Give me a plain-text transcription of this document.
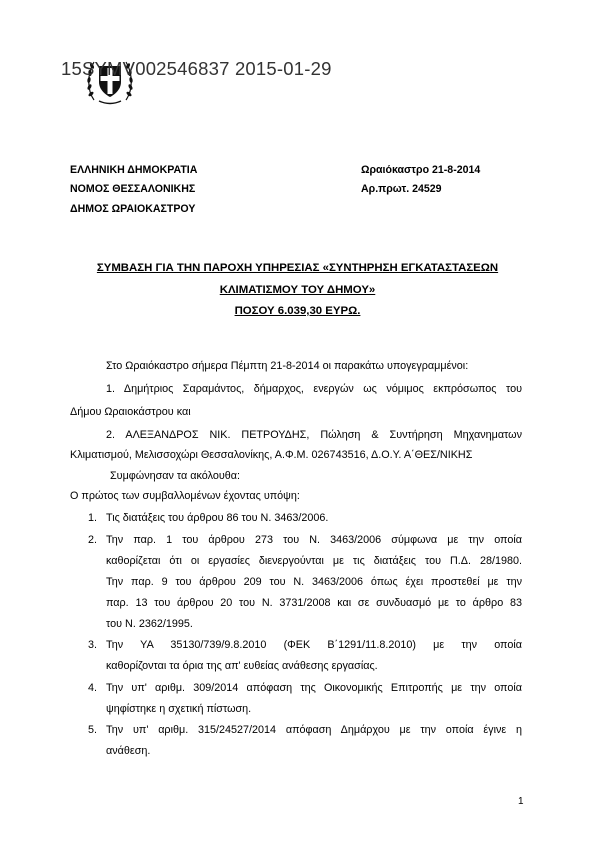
15SYMV002546837 2015-01-29
ΕΛΛΗΝΙΚΗ ΔΗΜΟΚΡΑΤΙΑ
ΝΟΜΟΣ ΘΕΣΣΑΛΟΝΙΚΗΣ
ΔΗΜΟΣ ΩΡΑΙΟΚΑΣΤΡΟΥ
Ωραιόκαστρο 21-8-2014
Αρ.πρωτ. 24529
ΣΥΜΒΑΣΗ ΓΙΑ ΤΗΝ ΠΑΡΟΧΗ ΥΠΗΡΕΣΙΑΣ «ΣΥΝΤΗΡΗΣΗ ΕΓΚΑΤΑΣΤΑΣΕΩΝ
ΚΛΙΜΑΤΙΣΜΟΥ ΤΟΥ ΔΗΜΟΥ»
ΠΟΣΟΥ 6.039,30 ΕΥΡΩ.
Στο Ωραιόκαστρο σήμερα Πέμπτη 21-8-2014 οι παρακάτω υπογεγραμμένοι:
1. Δημήτριος Σαραμάντος, δήμαρχος, ενεργών ως νόμιμος εκπρόσωπος του
Δήμου Ωραιοκάστρου και
2. ΑΛΕΞΑΝΔΡΟΣ ΝΙΚ. ΠΕΤΡΟΥΔΗΣ, Πώληση & Συντήρηση Μηχανηματων
Κλιματισμού, Μελισσοχώρι Θεσσαλονίκης, Α.Φ.Μ. 026743516, Δ.Ο.Υ. Α΄ΘΕΣ/ΝΙΚΗΣ
Συμφώνησαν τα ακόλουθα:
Ο πρώτος των συμβαλλομένων έχοντας υπόψη:
1. Τις διατάξεις του άρθρου 86 του Ν. 3463/2006.
2. Την παρ. 1 του άρθρου 273 του Ν. 3463/2006 σύμφωνα με την οποία
καθορίζεται ότι οι εργασίες διενεργούνται με τις διατάξεις του Π.Δ. 28/1980.
Την παρ. 9 του άρθρου 209 του Ν. 3463/2006 όπως έχει προστεθεί με την
παρ. 13 του άρθρου 20 του Ν. 3731/2008 και σε συνδυασμό με το άρθρο 83
του Ν. 2362/1995.
3. Την ΥΑ 35130/739/9.8.2010 (ΦΕΚ Β΄1291/11.8.2010) με την οποία
καθορίζονται τα όρια της απ' ευθείας ανάθεσης εργασίας.
4. Την υπ' αριθμ. 309/2014 απόφαση της Οικονομικής Επιτροπής με την οποία
ψηφίστηκε η σχετική πίστωση.
5. Την υπ' αριθμ. 315/24527/2014 απόφαση Δημάρχου με την οποία έγινε η
ανάθεση.
1
